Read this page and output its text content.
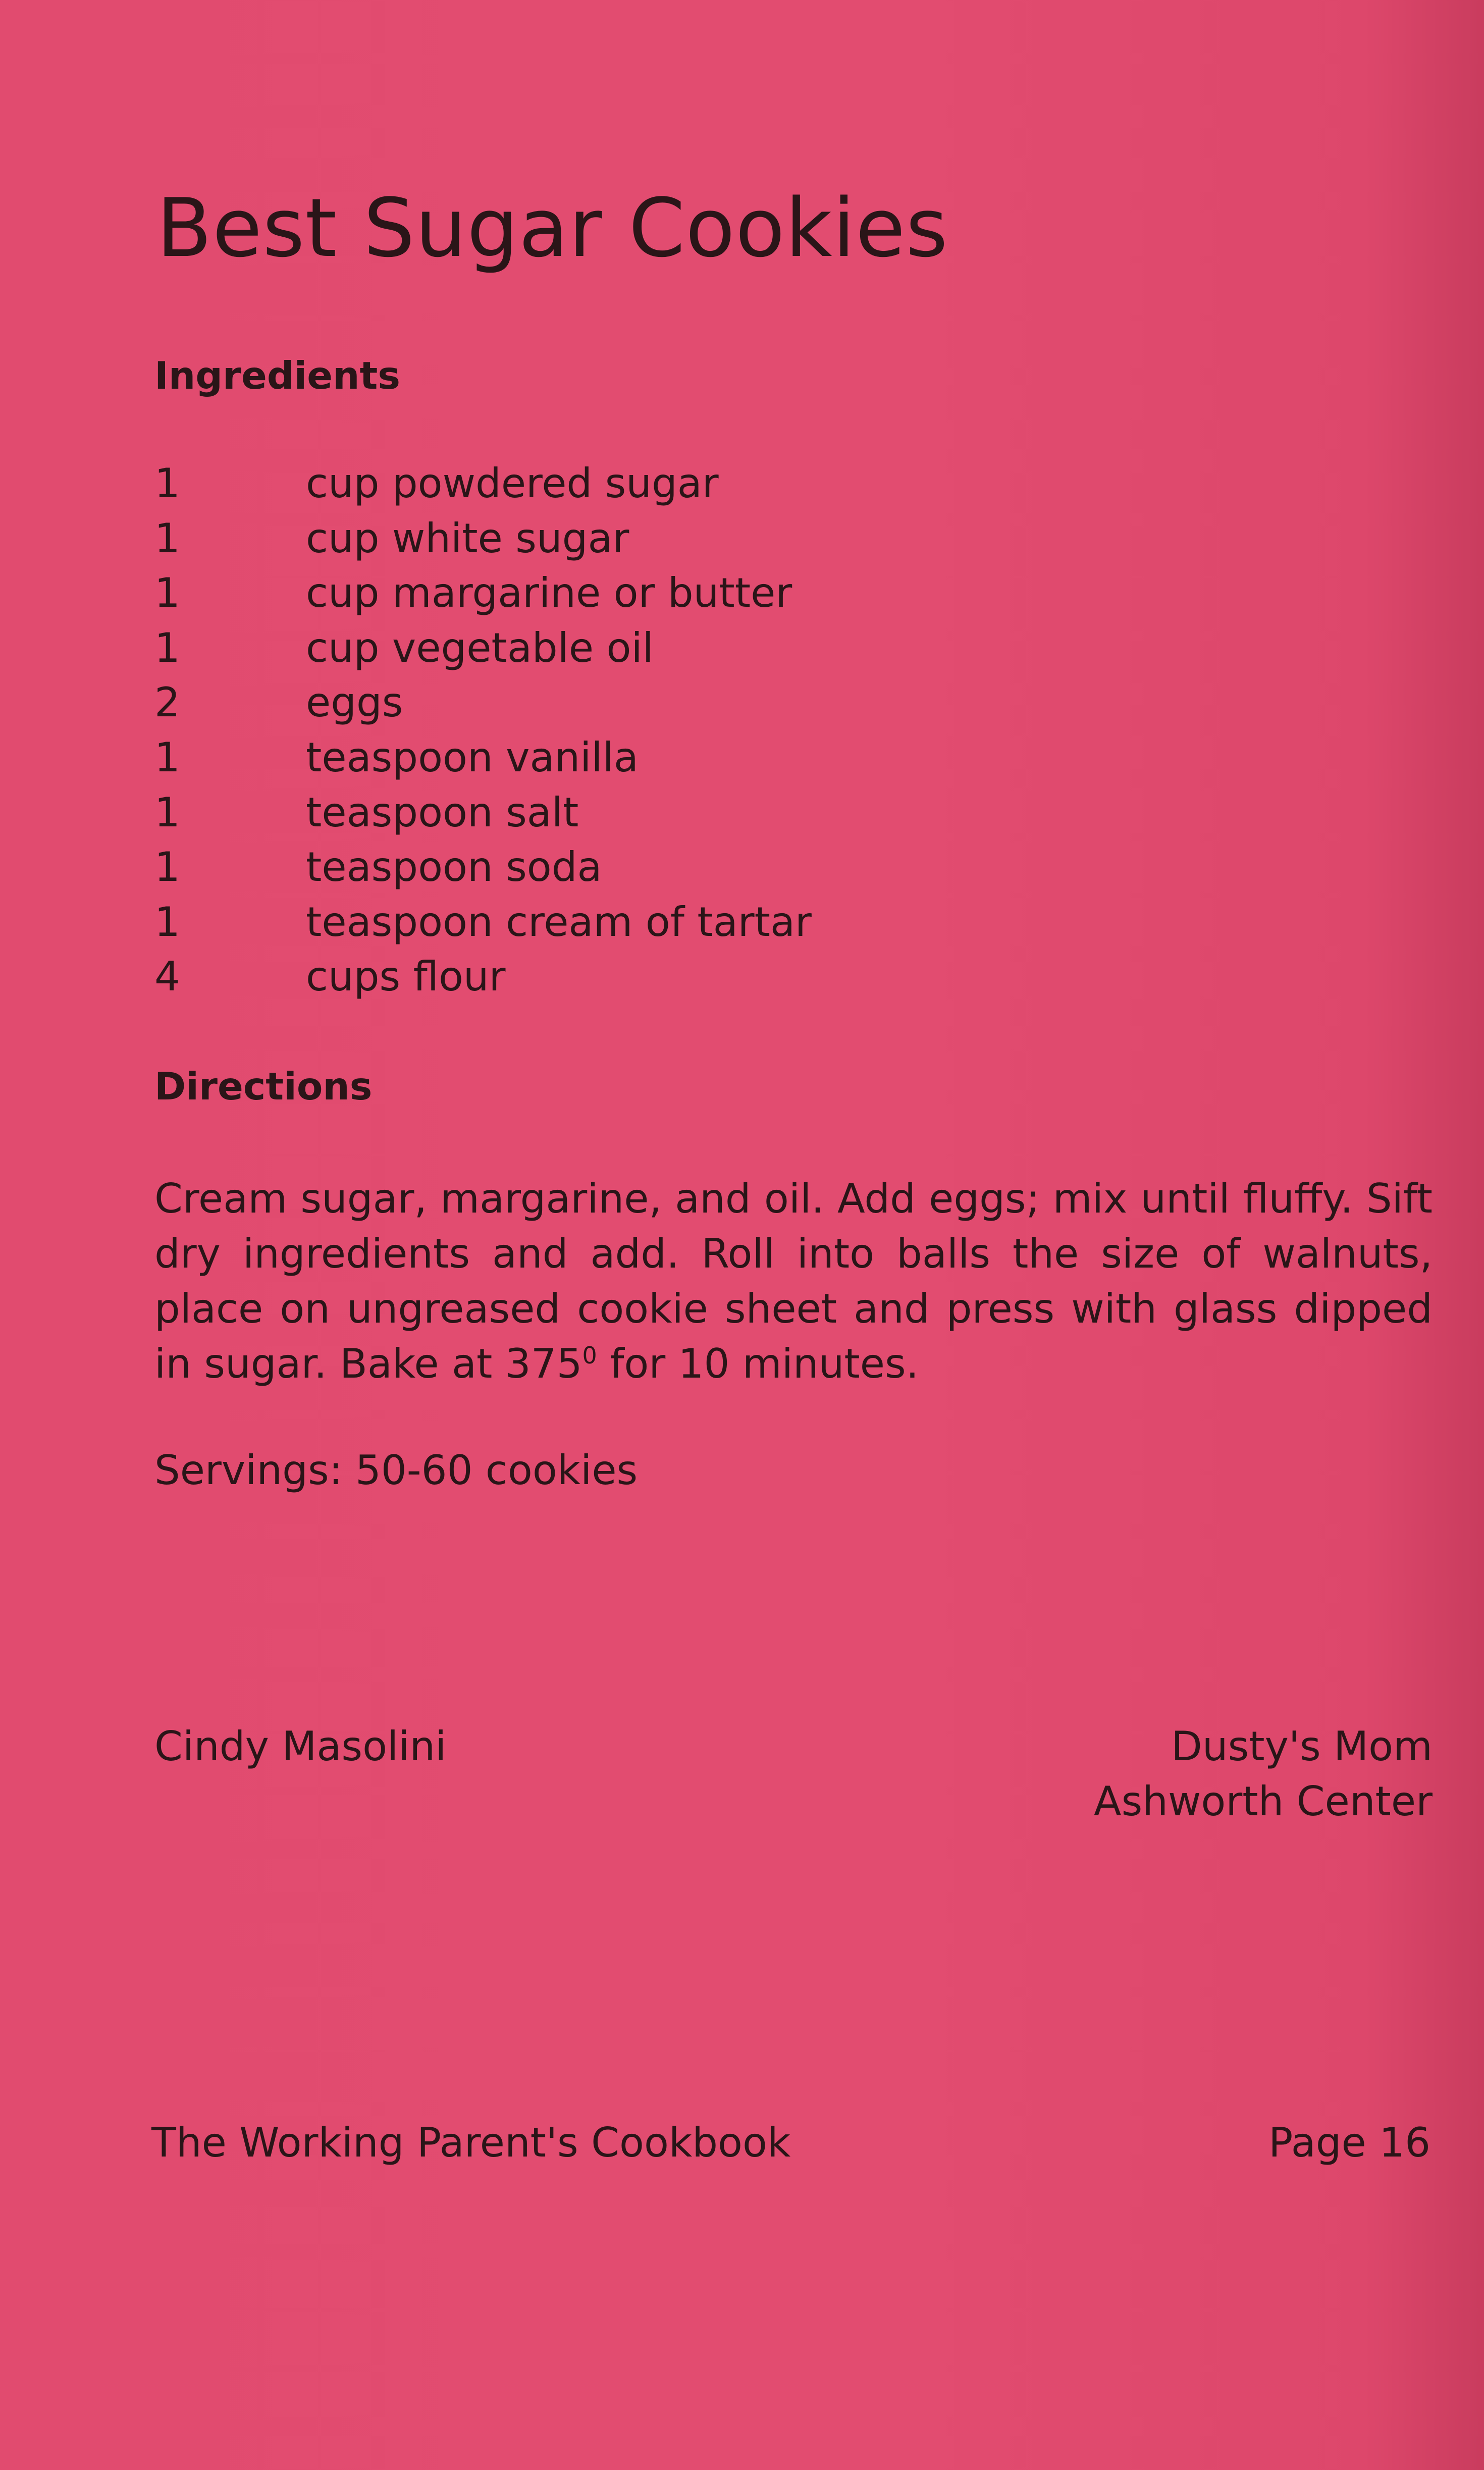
Best Sugar Cookies
Ingredients
1	cup powdered sugar
1	cup white sugar
1	cup margarine or butter
1	cup vegetable oil
2	eggs
1	teaspoon vanilla
1	teaspoon salt
1	teaspoon soda
1	teaspoon cream of tartar
4	cups flour
Directions

Cream sugar, margarine, and oil. Add eggs; mix until fluffy. Sift dry ingredients and add. Roll into balls the size of walnuts, place on ungreased cookie sheet and press with glass dipped in sugar. Bake at $375^0$ for 10 minutes.

Servings: 50-60 cookies
Cindy Masolini	Dusty's Mom
Ashworth Center
The Working Parent's Cookbook	Page 16
